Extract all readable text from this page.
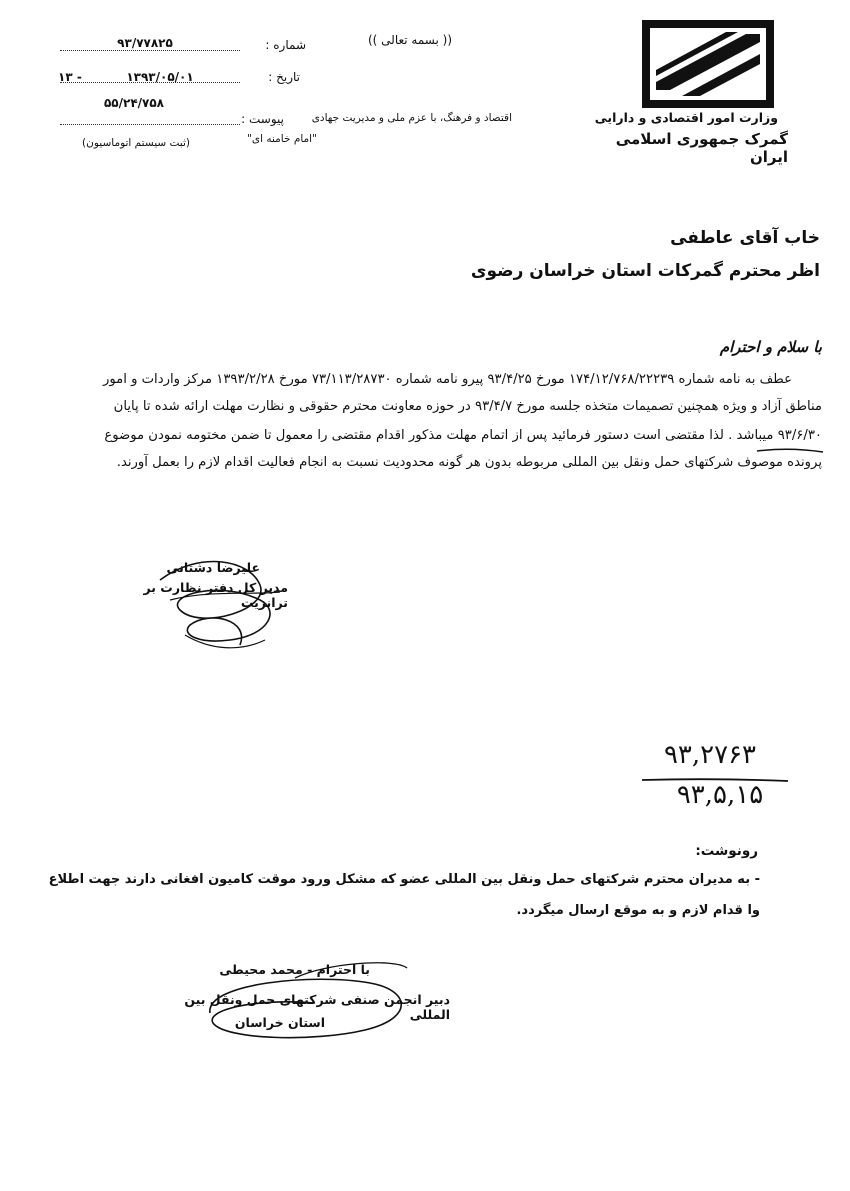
(( بسمه تعالی ))
شماره :
۹۳/۷۷۸۲۵
تاریخ :
۱۳۹۳/۰۵/۰۱
۱۳ -
۵۵/۲۴/۷۵۸
پیوست :	اقتصاد و فرهنگ، با عزم ملی و مدیریت جهادی
"امام خامنه ای"
(ثبت سیستم اتوماسیون)
وزارت امور اقتصادی و دارایی
گمرک جمهوری اسلامی ایران
خاب آقای عاطفی
اظر محترم گمرکات استان خراسان رضوی
با سلام و احترام
عطف به نامه شماره ۱۷۴/۱۲/۷۶۸/۲۲۲۳۹ مورخ ۹۳/۴/۲۵ پیرو نامه شماره ۷۳/۱۱۳/۲۸۷۳۰ مورخ ۱۳۹۳/۲/۲۸ مرکز واردات و امور
مناطق آزاد و ویژه همچنین تصمیمات متخذه جلسه مورخ ۹۳/۴/۷ در حوزه معاونت محترم حقوقی و نظارت مهلت ارائه شده تا پایان
۹۳/۶/۳۰ میباشد . لذا مقتضی است دستور فرمائید پس از اتمام مهلت مذکور اقدام مقتضی را معمول تا ضمن مختومه نمودن موضوع
پرونده موصوف شرکتهای حمل ونقل بین المللی مربوطه بدون هر گونه محدودیت نسبت به انجام فعالیت اقدام لازم را بعمل آورند.
علیرضا دشتانی
مدیر کل دفتر نظارت بر ترانزیت
۹۳,۲۷۶۳
۹۳,۵,۱۵
رونوشت:
- به مدیران محترم شرکتهای حمل ونقل بین المللی عضو که مشکل ورود موقت کامیون افغانی دارند جهت اطلاع
وا قدام لازم و به موقع ارسال میگردد.
با احترام - محمد محیطی
دبیر انجمن صنفی شرکتهای حمل ونقل بین المللی
استان خراسان
